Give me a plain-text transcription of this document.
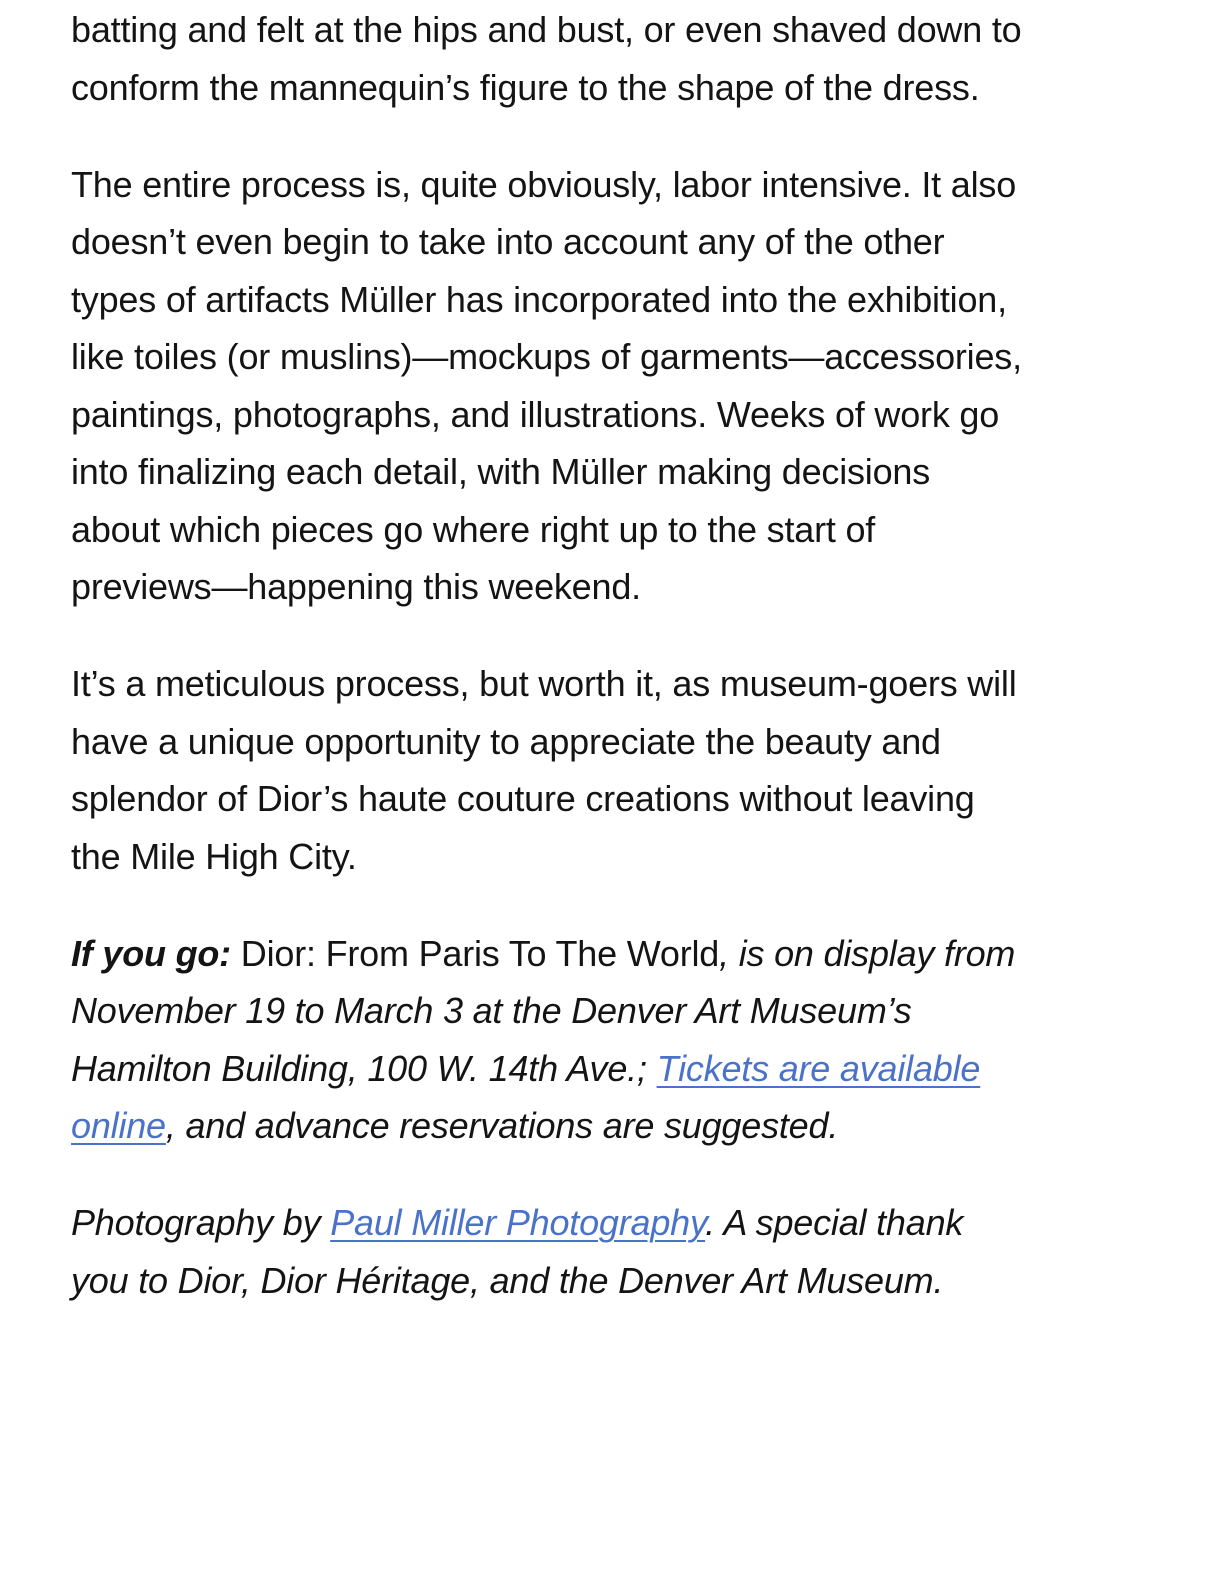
batting and felt at the hips and bust, or even shaved down to
conform the mannequin’s figure to the shape of the dress.

The entire process is, quite obviously, labor intensive. It also
doesn’t even begin to take into account any of the other
types of artifacts Müller has incorporated into the exhibition,
like toiles (or muslins)—mockups of garments—accessories,
paintings, photographs, and illustrations. Weeks of work go
into finalizing each detail, with Müller making decisions
about which pieces go where right up to the start of
previews—happening this weekend.

It’s a meticulous process, but worth it, as museum-goers will
have a unique opportunity to appreciate the beauty and
splendor of Dior’s haute couture creations without leaving
the Mile High City.

If you go: Dior: From Paris To The World, is on display from
November 19 to March 3 at the Denver Art Museum’s
Hamilton Building, 100 W. 14th Ave.; Tickets are available
online, and advance reservations are suggested.

Photography by Paul Miller Photography. A special thank
you to Dior, Dior Héritage, and the Denver Art Museum.
